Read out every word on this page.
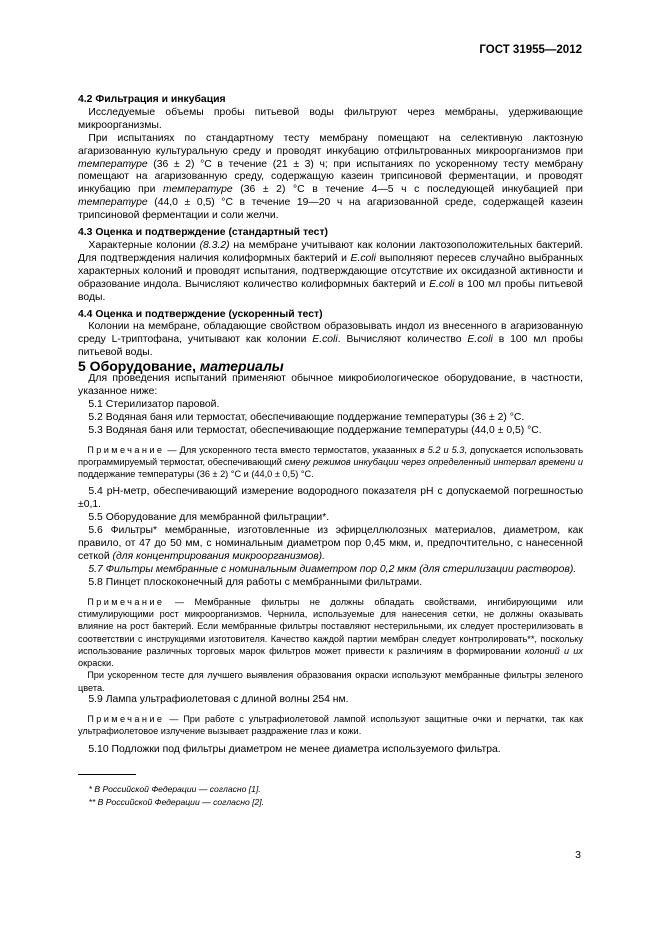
ГОСТ 31955—2012

4.2 Фильтрация и инкубация

 Исследуемые объемы пробы питьевой воды фильтруют через мембраны, удерживающие микроорганизмы.

 При испытаниях по стандартному тесту мембрану помещают на селективную лактозную агаризованную культуральную среду и проводят инкубацию отфильтрованных микроорганизмов при температуре (36 ± 2) °С в течение (21 ± 3) ч; при испытаниях по ускоренному тесту мембрану помещают на агаризованную среду, содержащую казеин трипсиновой ферментации, и проводят инкубацию при температуре (36 ± 2) °С в течение 4—5 ч с последующей инкубацией при температуре (44,0 ± 0,5) °С в течение 19—20 ч на агаризованной среде, содержащей казеин трипсиновой ферментации и соли желчи.

4.3 Оценка и подтверждение (стандартный тест)

 Характерные колонии (8.3.2) на мембране учитывают как колонии лактозоположительных бактерий. Для подтверждения наличия колиформных бактерий и E.coli выполняют пересев случайно выбранных характерных колоний и проводят испытания, подтверждающие отсутствие их оксидазной активности и образование индола. Вычисляют количество колиформных бактерий и E.coli в 100 мл пробы питьевой воды.

4.4 Оценка и подтверждение (ускоренный тест)

 Колонии на мембране, обладающие свойством образовывать индол из внесенного в агаризованную среду L-триптофана, учитывают как колонии E.coli. Вычисляют количество E.coli в 100 мл пробы питьевой воды.

5 Оборудование, материалы

 Для проведения испытаний применяют обычное микробиологическое оборудование, в частности, указанное ниже:

 5.1 Стерилизатор паровой.

 5.2 Водяная баня или термостат, обеспечивающие поддержание температуры (36 ± 2) °С.

 5.3 Водяная баня или термостат, обеспечивающие поддержание температуры (44,0 ± 0,5) °С.

 Примечание — Для ускоренного теста вместо термостатов, указанных в 5.2 и 5.3, допускается использовать программируемый термостат, обеспечивающий смену режимов инкубации через определенный интервал времени и поддержание температуры (36 ± 2) °С и (44,0 ± 0,5) °С.

 5.4 рН-метр, обеспечивающий измерение водородного показателя рН с допускаемой погрешностью ±0,1.

 5.5 Оборудование для мембранной фильтрации*.

 5.6 Фильтры* мембранные, изготовленные из эфирцеллюлозных материалов, диаметром, как правило, от 47 до 50 мм, с номинальным диаметром пор 0,45 мкм, и, предпочтительно, с нанесенной сеткой (для концентрирования микроорганизмов).

 5.7 Фильтры мембранные с номинальным диаметром пор 0,2 мкм (для стерилизации растворов).

 5.8 Пинцет плоскоконечный для работы с мембранными фильтрами.

 Примечание — Мембранные фильтры не должны обладать свойствами, ингибирующими или стимулирующими рост микроорганизмов. Чернила, используемые для нанесения сетки, не должны оказывать влияние на рост бактерий. Если мембранные фильтры поставляют нестерильными, их следует простерилизовать в соответствии с инструкциями изготовителя. Качество каждой партии мембран следует контролировать**, поскольку использование различных торговых марок фильтров может привести к различиям в формировании колоний и их окраски.

 При ускоренном тесте для лучшего выявления образования окраски используют мембранные фильтры зеленого цвета.

 5.9 Лампа ультрафиолетовая с длиной волны 254 нм.

 Примечание — При работе с ультрафиолетовой лампой используют защитные очки и перчатки, так как ультрафиолетовое излучение вызывает раздражение глаз и кожи.

 5.10 Подложки под фильтры диаметром не менее диаметра используемого фильтра.

 * В Российской Федерации — согласно [1].

 ** В Российской Федерации — согласно [2].

3
